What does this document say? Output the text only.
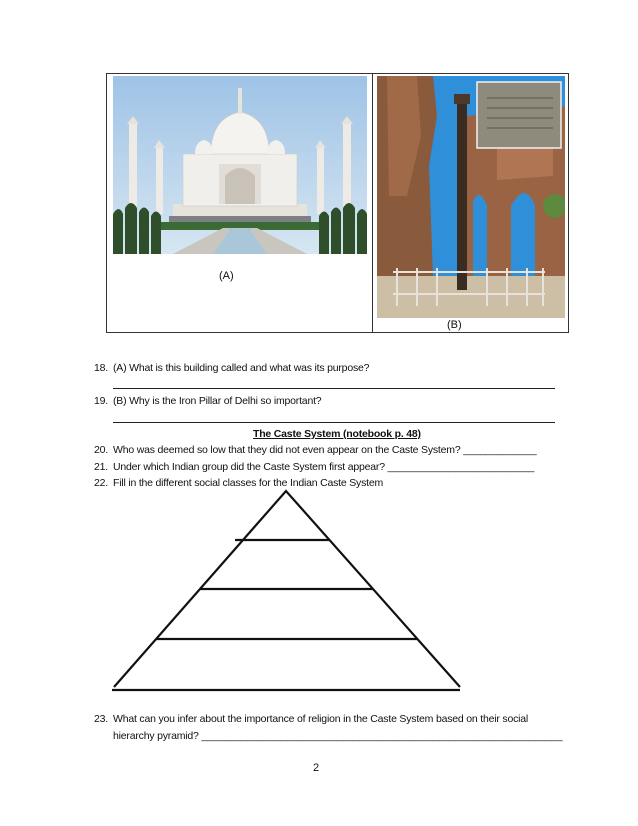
(A)
(B)
18. (A) What is this building called and what was its purpose?
19. (B) Why is the Iron Pillar of Delhi so important?
The Caste System (notebook p. 48)
20. Who was deemed so low that they did not even appear on the Caste System? _____________
21. Under which Indian group did the Caste System first appear? __________________________
22. Fill in the different social classes for the Indian Caste System
23. What can you infer about the importance of religion in the Caste System based on their social
hierarchy pyramid? ________________________________________________________________
2
